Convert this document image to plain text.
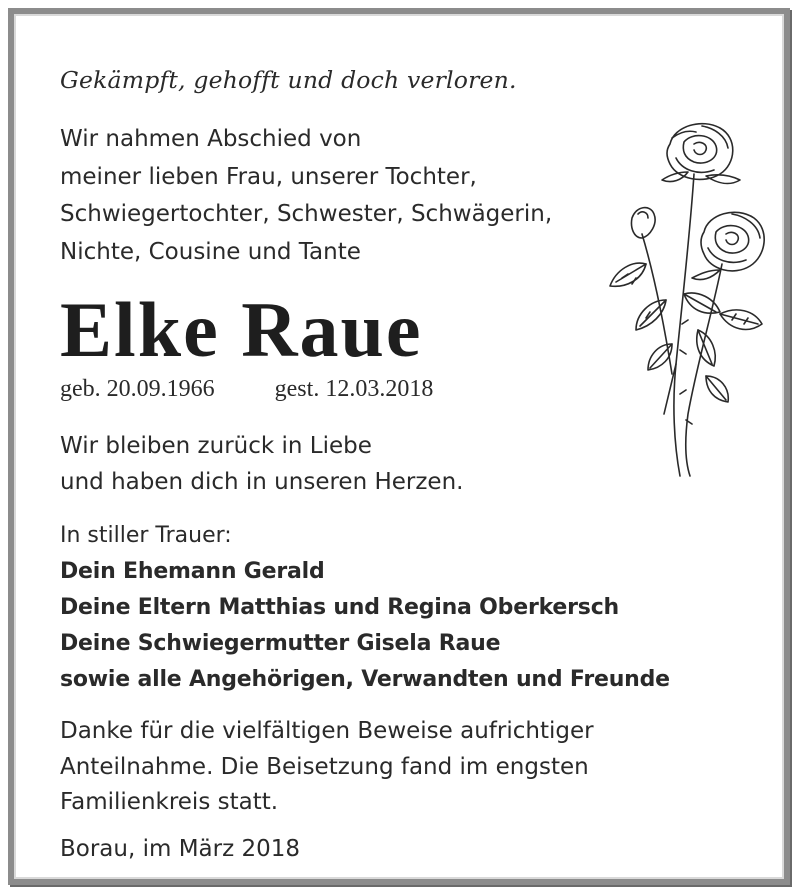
Gekämpft, gehofft und doch verloren.

Wir nahmen Abschied von
meiner lieben Frau, unserer Tochter,
Schwiegertochter, Schwester, Schwägerin,
Nichte, Cousine und Tante
Elke Raue
geb. 20.09.1966	gest. 12.03.2018
Wir bleiben zurück in Liebe
und haben dich in unseren Herzen.
In stiller Trauer:
Dein Ehemann Gerald
Deine Eltern Matthias und Regina Oberkersch
Deine Schwiegermutter Gisela Raue
sowie alle Angehörigen, Verwandten und Freunde
Danke für die vielfältigen Beweise aufrichtiger
Anteilnahme. Die Beisetzung fand im engsten
Familienkreis statt.

Borau, im März 2018
